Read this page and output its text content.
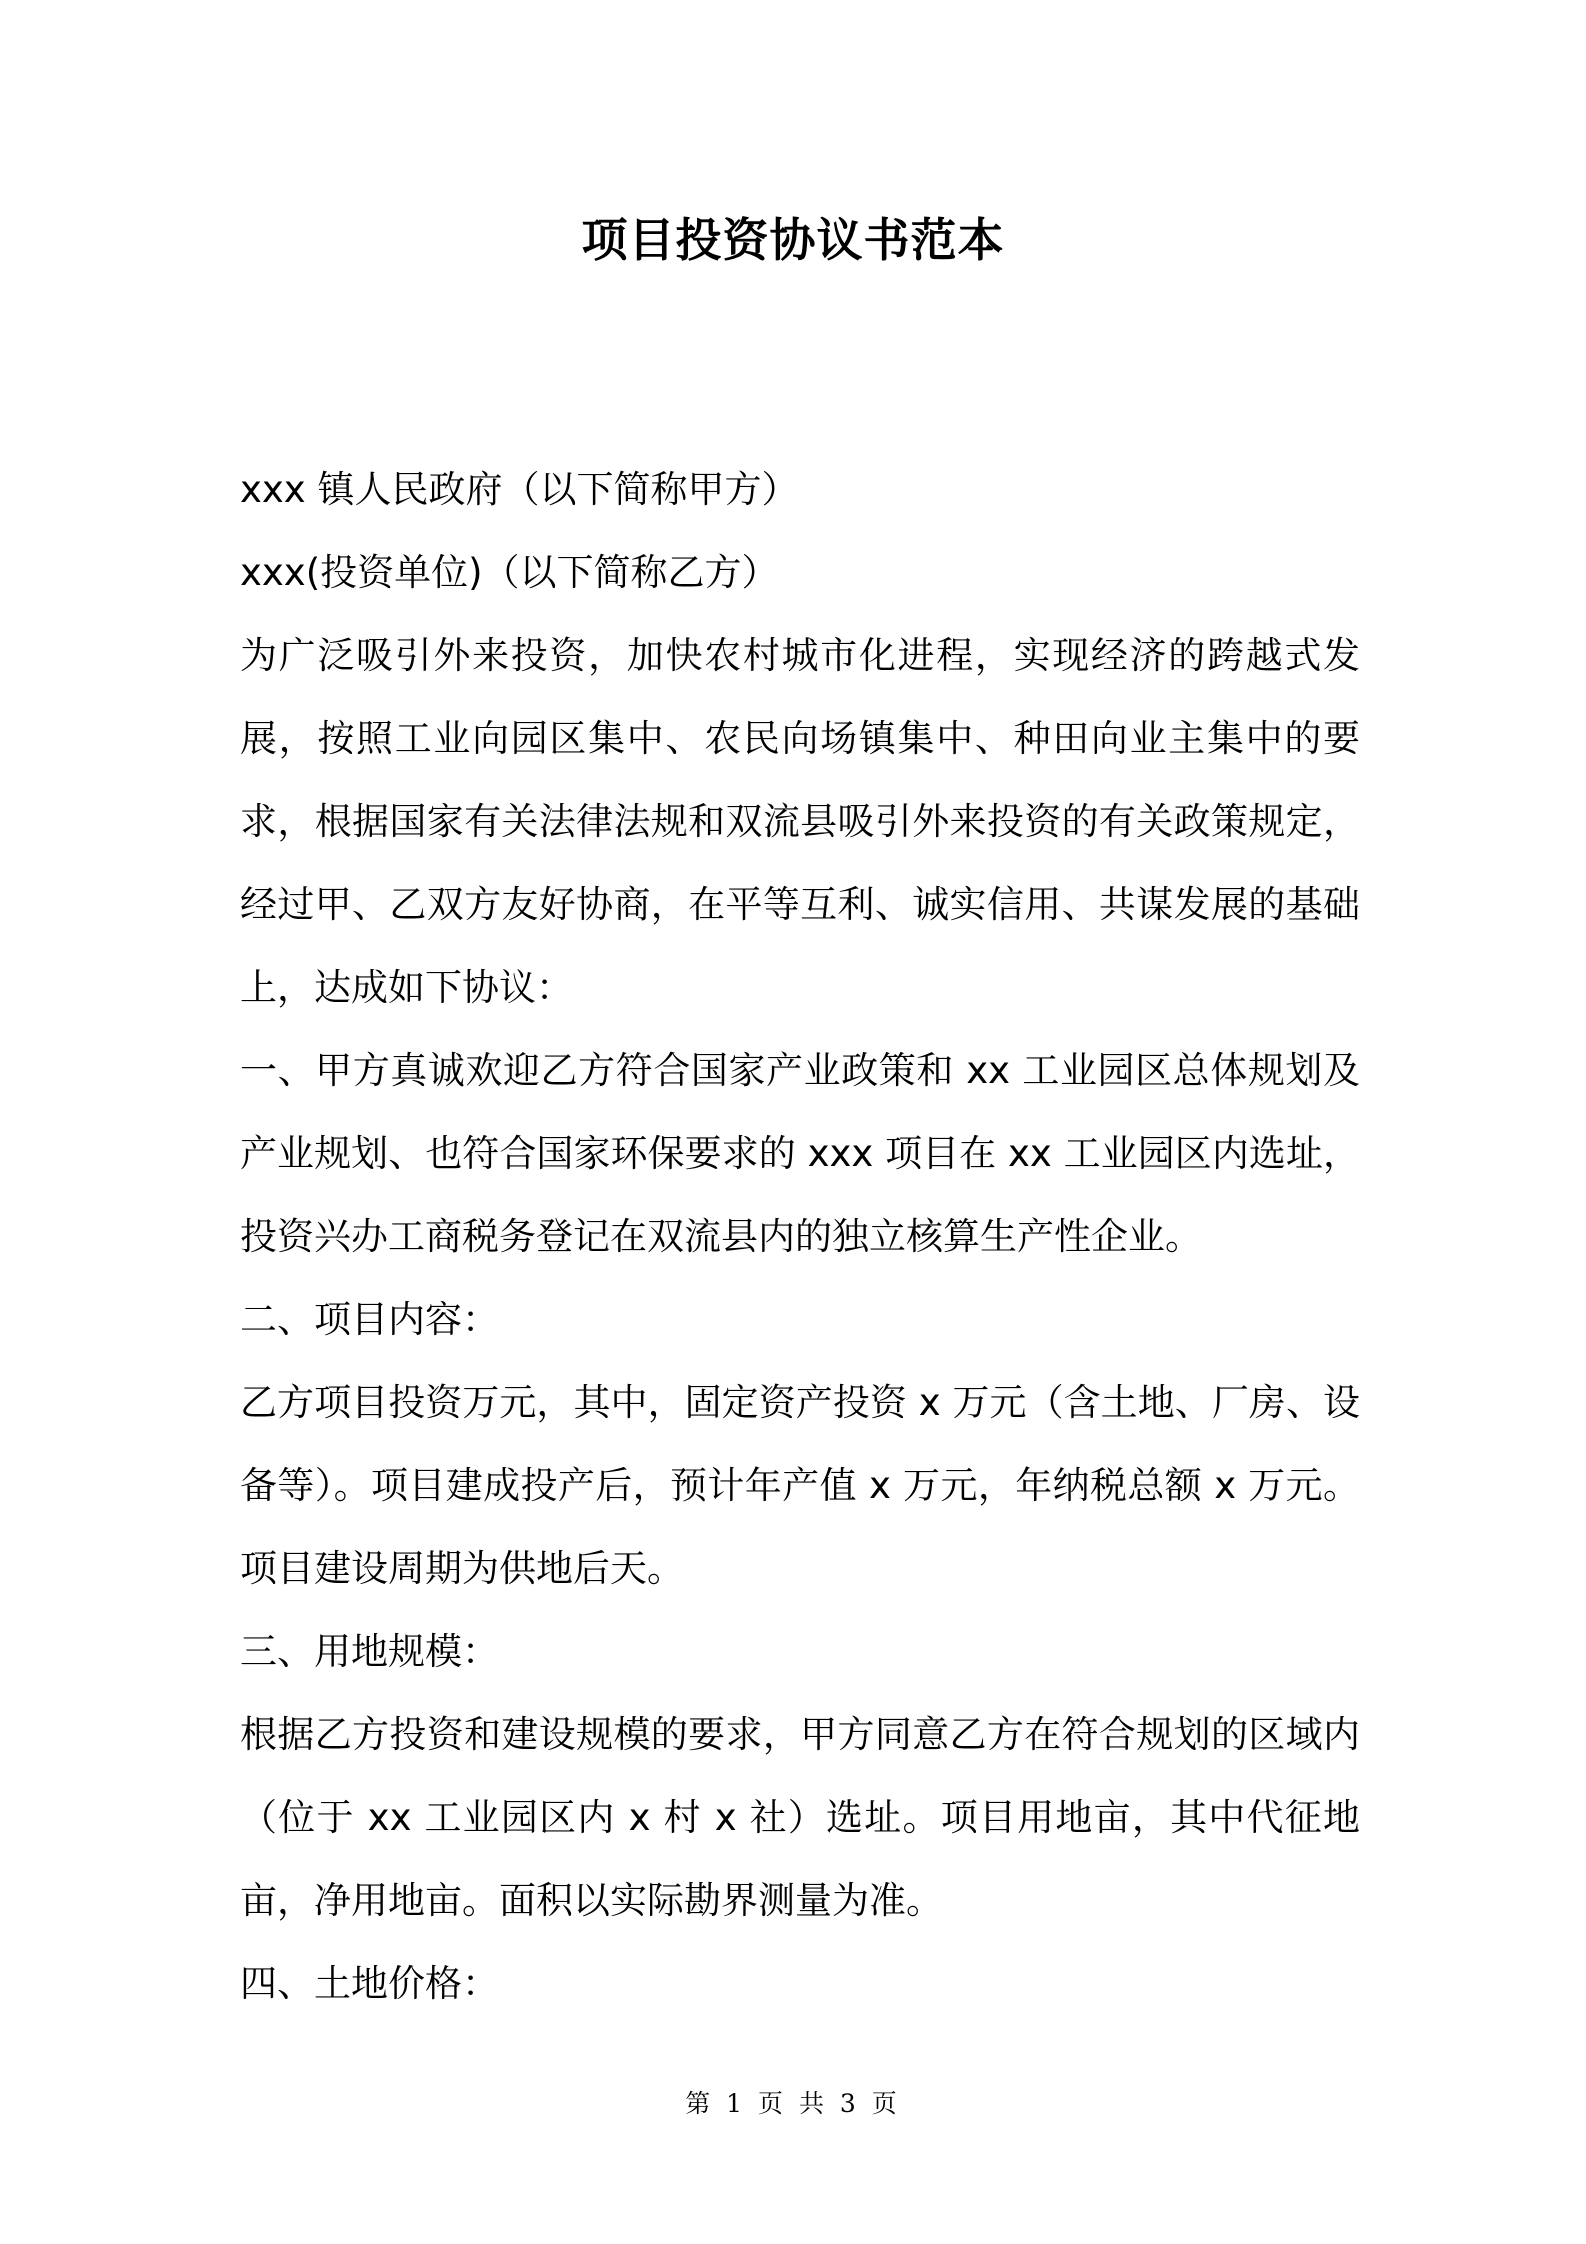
项目投资协议书范本

xxx 镇人民政府（以下简称甲方）

xxx(投资单位)（以下简称乙方）

为广泛吸引外来投资，加快农村城市化进程，实现经济的跨越式发展，按照工业向园区集中、农民向场镇集中、种田向业主集中的要求，根据国家有关法律法规和双流县吸引外来投资的有关政策规定，经过甲、乙双方友好协商，在平等互利、诚实信用、共谋发展的基础上，达成如下协议：

一、甲方真诚欢迎乙方符合国家产业政策和 xx 工业园区总体规划及产业规划、也符合国家环保要求的 xxx 项目在 xx 工业园区内选址，投资兴办工商税务登记在双流县内的独立核算生产性企业。

二、项目内容：

乙方项目投资万元，其中，固定资产投资 x 万元（含土地、厂房、设备等）。项目建成投产后，预计年产值 x 万元，年纳税总额 x 万元。项目建设周期为供地后天。

三、用地规模：

根据乙方投资和建设规模的要求，甲方同意乙方在符合规划的区域内（位于 xx 工业园区内 x 村 x 社）选址。项目用地亩，其中代征地亩，净用地亩。面积以实际勘界测量为准。

四、土地价格：

第 1 页 共 3 页
